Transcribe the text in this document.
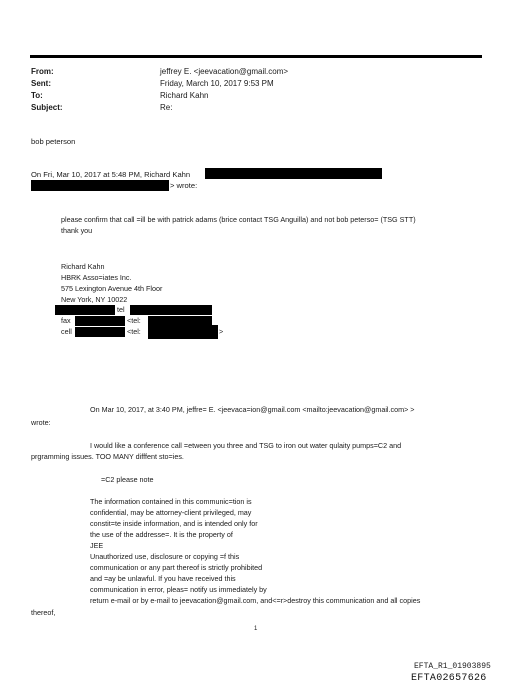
From:	jeffrey E. <jeevacation@gmail.com>
Sent:	Friday, March 10, 2017 9:53 PM
To:	Richard Kahn
Subject:	Re:
bob peterson
On Fri, Mar 10, 2017 at 5:48 PM, Richard Kahn
> wrote:
please confirm that call =ill be with patrick adams (brice contact TSG Anguilla) and not bob peterso= (TSG STT)
thank you
Richard Kahn
HBRK Asso=iates Inc.
575 Lexington Avenue 4th Floor
New York, NY 10022
tel
fax	<tel:
cell	<tel:	>
On Mar 10, 2017, at 3:40 PM, jeffre= E. <jeevaca=ion@gmail.com <mailto:jeevacation@gmail.com> >
wrote:
I would like a conference call =etween you three and TSG to iron out water qulaity pumps=C2 and
prgramming issues. TOO MANY difffent sto=ies.
=C2 please note
The information contained in this communic=tion is
confidential, may be attorney-client privileged, may
constit=te inside information, and is intended only for
the use of the addresse=. It is the property of
JEE
Unauthorized use, disclosure or copying =f this
communication or any part thereof is strictly prohibited
and =ay be unlawful. If you have received this
communication in error, pleas= notify us immediately by
return e-mail or by e-mail to jeevacation@gmail.com, and<=r>destroy this communication and all copies
thereof,
1
EFTA_R1_01903895
EFTA02657626
